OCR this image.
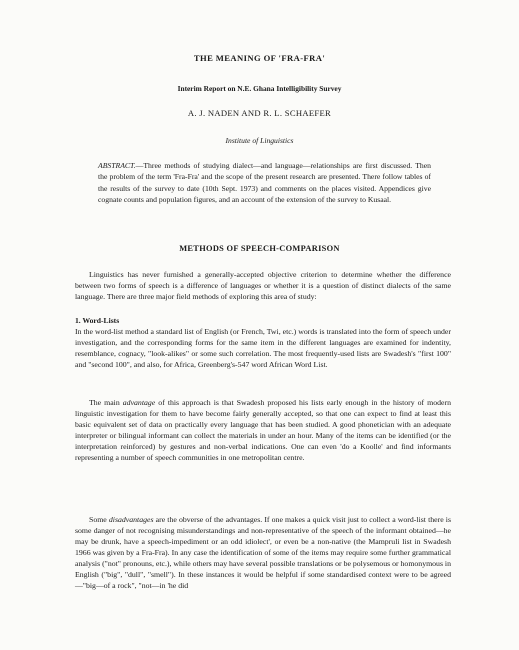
THE MEANING OF 'FRA-FRA'
Interim Report on N.E. Ghana Intelligibility Survey
A. J. NADEN AND R. L. SCHAEFER
Institute of Linguistics
ABSTRACT.—Three methods of studying dialect—and language—relationships are first discussed. Then the problem of the term 'Fra-Fra' and the scope of the present research are presented. There follow tables of the results of the survey to date (10th Sept. 1973) and comments on the places visited. Appendices give cognate counts and population figures, and an account of the extension of the survey to Kusaal.
METHODS OF SPEECH-COMPARISON

Linguistics has never furnished a generally-accepted objective criterion to determine whether the difference between two forms of speech is a difference of languages or whether it is a question of distinct dialects of the same language. There are three major field methods of exploring this area of study:

1. Word-Lists

In the word-list method a standard list of English (or French, Twi, etc.) words is translated into the form of speech under investigation, and the corresponding forms for the same item in the different languages are examined for indentity, resemblance, cognacy, "look-alikes" or some such correlation. The most frequently-used lists are Swadesh's "first 100" and "second 100", and also, for Africa, Greenberg's-547 word African Word List.

The main advantage of this approach is that Swadesh proposed his lists early enough in the history of modern linguistic investigation for them to have become fairly generally accepted, so that one can expect to find at least this basic equivalent set of data on practically every language that has been studied. A good phonetician with an adequate interpreter or bilingual informant can collect the materials in under an hour. Many of the items can be identified (or the interpretation reinforced) by gestures and non-verbal indications. One can even 'do a Koolle' and find informants representing a number of speech communities in one metropolitan centre.

Some disadvantages are the obverse of the advantages. If one makes a quick visit just to collect a word-list there is some danger of not recognising misunderstandings and non-representative of the speech of the informant obtained—he may be drunk, have a speech-impediment or an odd idiolect', or even be a non-native (the Mampruli list in Swadesh 1966 was given by a Fra-Fra). In any case the identification of some of the items may require some further grammatical analysis ("not" pronouns, etc.), while others may have several possible translations or be polysemous or homonymous in English ("big", "dull", "smell"). In these instances it would be helpful if some standardised context were to be agreed—"big—of a rock", "not—in 'he did
